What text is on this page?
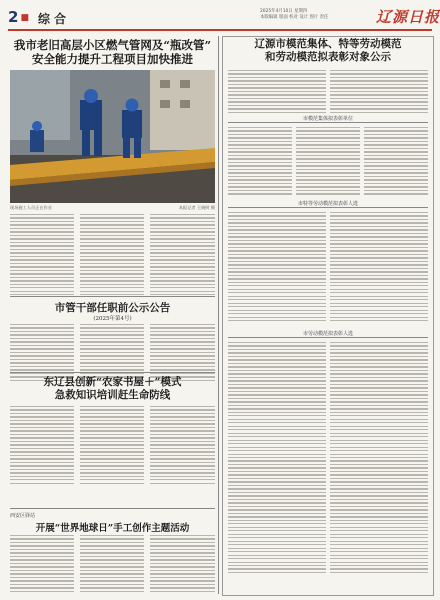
2 ■ 综合
2025年4月10日 星期四
本版编辑 版面 校对 设计 图片 责任	辽源日报
我市老旧高层小区燃气管网及“瓶改管”
安全能力提升工程项目加快推进
现场施工人员正在作业	本报记者 王晓明 摄
市管干部任职前公示公告
(2025年第4号)
东辽县创新“农家书屋＋”模式
急救知识培训赶生命防线
西安区驿站
开展“世界地球日”手工创作主题活动
辽源市模范集体、特等劳动模范
和劳动模范拟表彰对象公示
市模范集体拟表彰单位
市特等劳动模范拟表彰人选
市劳动模范拟表彰人选
